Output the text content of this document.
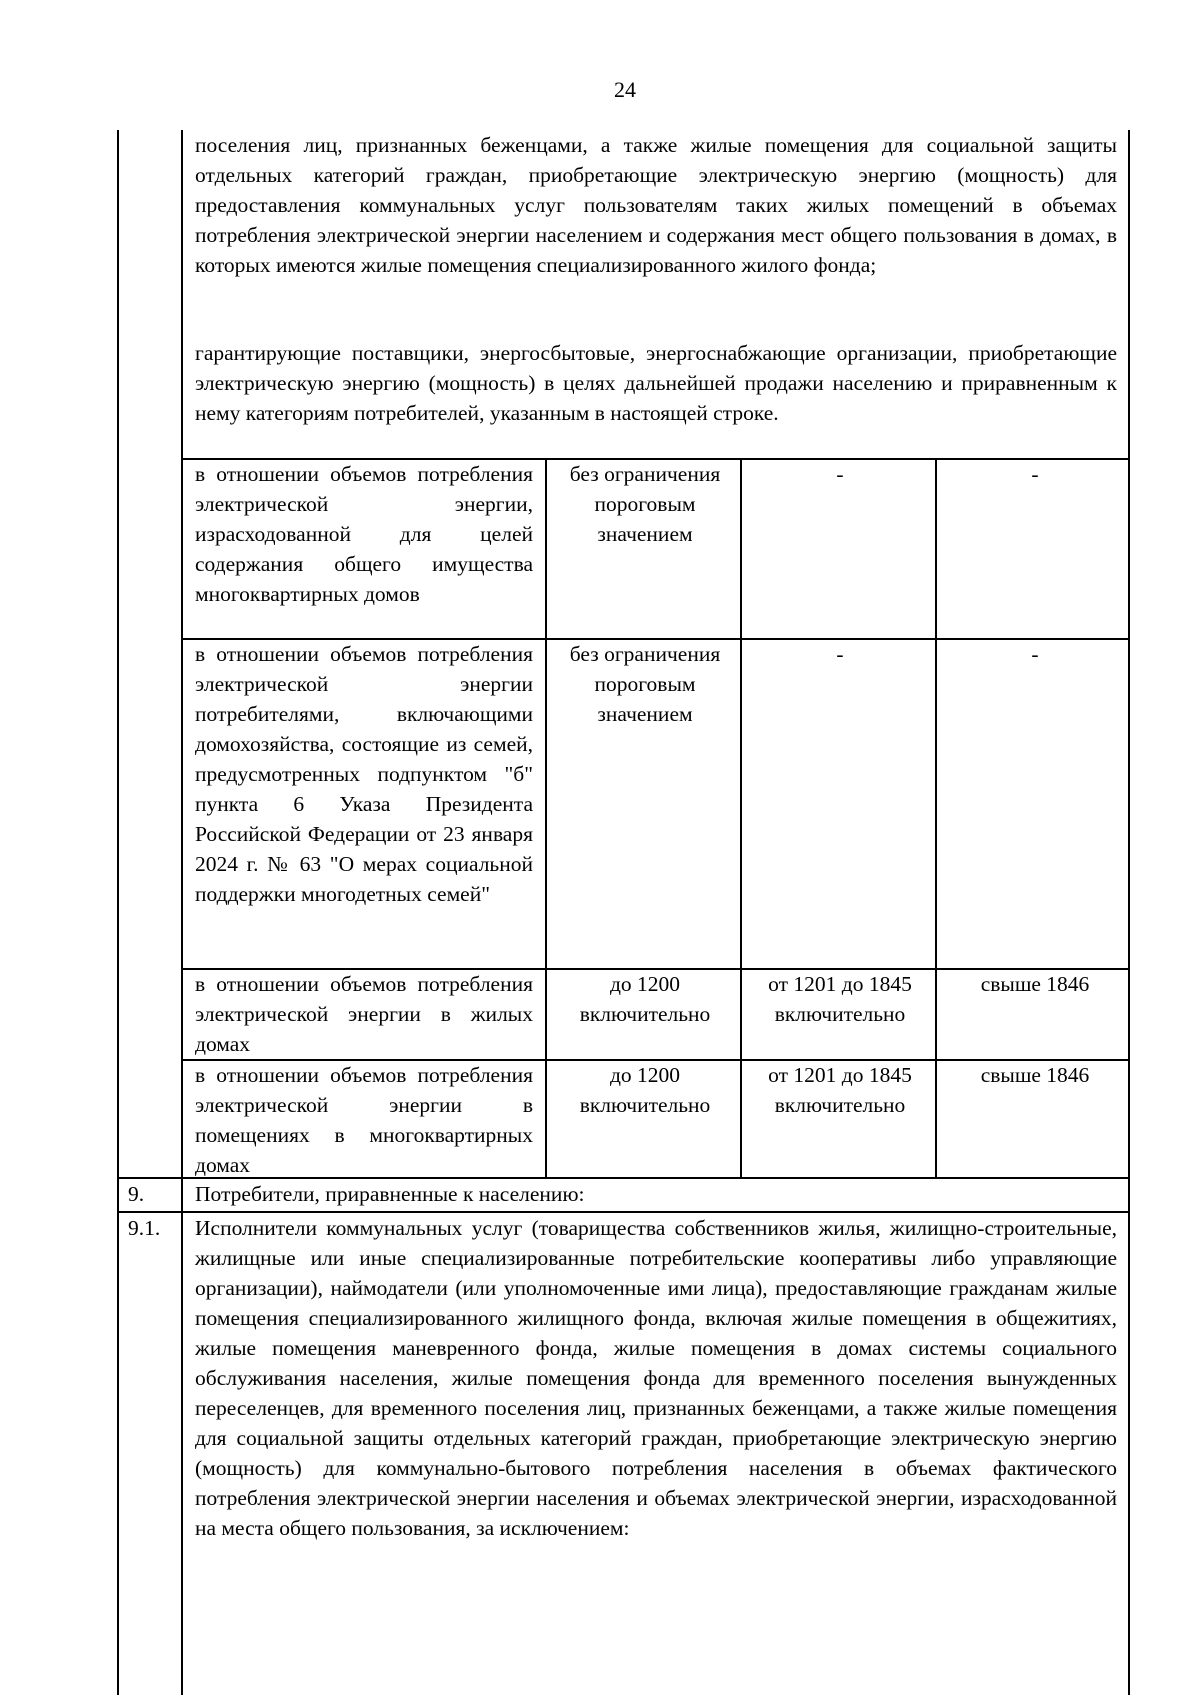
24
поселения лиц, признанных беженцами, а также жилые помещения для социальной защиты отдельных категорий граждан, приобретающие электрическую энергию (мощность) для предоставления коммунальных услуг пользователям таких жилых помещений в объемах потребления электрической энергии населением и содержания мест общего пользования в домах, в которых имеются жилые помещения специализированного жилого фонда;
гарантирующие поставщики, энергосбытовые, энергоснабжающие организации, приобретающие электрическую энергию (мощность) в целях дальнейшей продажи населению и приравненным к нему категориям потребителей, указанным в настоящей строке.
в отношении объемов потребления электрической энергии, израсходованной для целей содержания общего имущества многоквартирных домов
без ограничения пороговым значением
-	-
в отношении объемов потребления электрической энергии потребителями, включающими домохозяйства, состоящие из семей, предусмотренных подпунктом "б" пункта 6 Указа Президента Российской Федерации от 23 января 2024 г. № 63 "О мерах социальной поддержки многодетных семей"
без ограничения пороговым значением
-	-
в отношении объемов потребления электрической энергии в жилых домах
до 1200 включительно
от 1201 до 1845 включительно
свыше 1846
в отношении объемов потребления электрической энергии в помещениях в многоквартирных домах
до 1200 включительно
от 1201 до 1845 включительно
свыше 1846
9. Потребители, приравненные к населению:
9.1. Исполнители коммунальных услуг (товарищества собственников жилья, жилищно-строительные, жилищные или иные специализированные потребительские кооперативы либо управляющие организации), наймодатели (или уполномоченные ими лица), предоставляющие гражданам жилые помещения специализированного жилищного фонда, включая жилые помещения в общежитиях, жилые помещения маневренного фонда, жилые помещения в домах системы социального обслуживания населения, жилые помещения фонда для временного поселения вынужденных переселенцев, для временного поселения лиц, признанных беженцами, а также жилые помещения для социальной защиты отдельных категорий граждан, приобретающие электрическую энергию (мощность) для коммунально-бытового потребления населения в объемах фактического потребления электрической энергии населения и объемах электрической энергии, израсходованной на места общего пользования, за исключением:
